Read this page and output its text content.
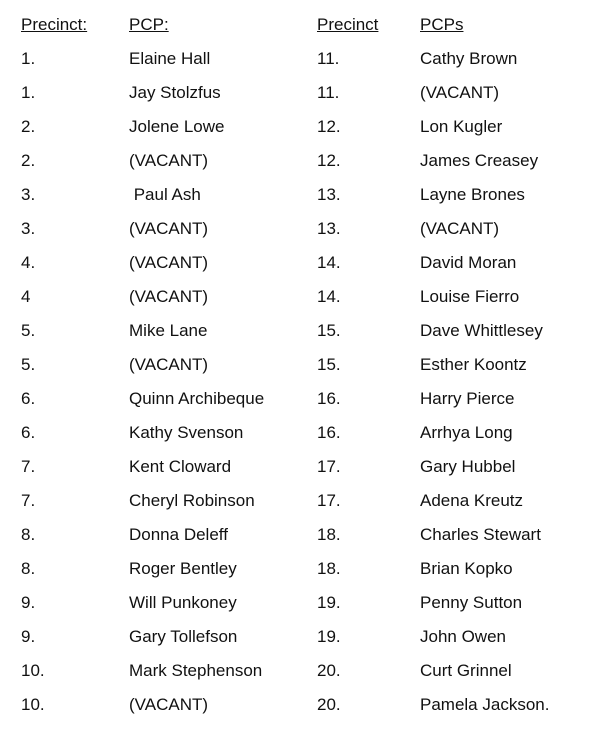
Precinct: PCP:	Precinct PCPs
1.	Elaine Hall	11.	Cathy Brown
1.	Jay Stolzfus	11.	(VACANT)
2.	Jolene Lowe	12.	Lon Kugler
2.	(VACANT)	12.	James Creasey
3.	Paul Ash	13.	Layne Brones
3.	(VACANT)	13.	(VACANT)
4.	(VACANT)	14.	David Moran
4	(VACANT)	14.	Louise Fierro
5.	Mike Lane	15.	Dave Whittlesey
5.	(VACANT)	15.	Esther Koontz
6.	Quinn Archibeque	16.	Harry Pierce
6.	Kathy Svenson	16.	Arrhya Long
7.	Kent Cloward	17.	Gary Hubbel
7.	Cheryl Robinson	17.	Adena Kreutz
8.	Donna Deleff	18.	Charles Stewart
8.	Roger Bentley	18.	Brian Kopko
9.	Will Punkoney	19.	Penny Sutton
9.	Gary Tollefson	19.	John Owen
10.	Mark Stephenson	20.	Curt Grinnel
10.	(VACANT)	20.	Pamela Jackson.
